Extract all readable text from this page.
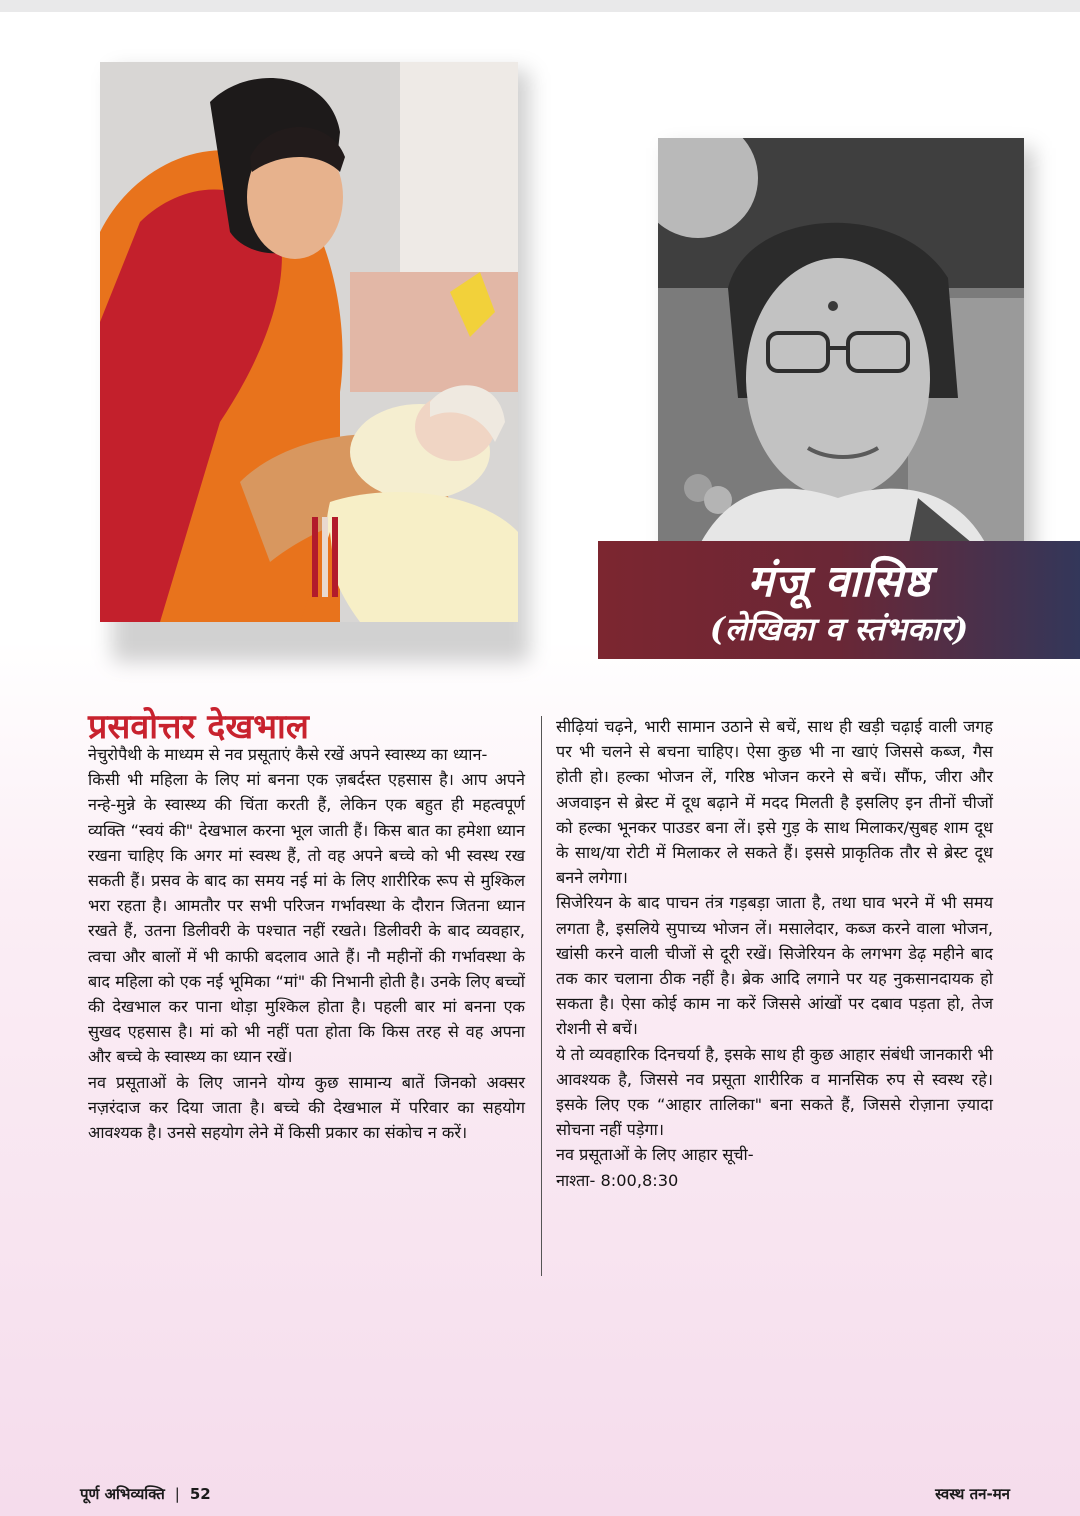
मंजू वासिष्ठ
(लेखिका व स्तंभकार)
प्रसवोत्तर देखभाल

नेचुरोपैथी के माध्यम से नव प्रसूताएं कैसे रखें अपने स्वास्थ्य का ध्यान-

किसी भी महिला के लिए मां बनना एक ज़बर्दस्त एहसास है। आप अपने नन्हे-मुन्ने के स्वास्थ्य की चिंता करती हैं, लेकिन एक बहुत ही महत्वपूर्ण व्यक्ति “स्वयं की" देखभाल करना भूल जाती हैं। किस बात का हमेशा ध्यान रखना चाहिए कि अगर मां स्वस्थ हैं, तो वह अपने बच्चे को भी स्वस्थ रख सकती हैं। प्रसव के बाद का समय नई मां के लिए शारीरिक रूप से मुश्किल भरा रहता है। आमतौर पर सभी परिजन गर्भावस्था के दौरान जितना ध्यान रखते हैं, उतना डिलीवरी के पश्चात नहीं रखते। डिलीवरी के बाद व्यवहार, त्वचा और बालों में भी काफी बदलाव आते हैं। नौ महीनों की गर्भावस्था के बाद महिला को एक नई भूमिका “मां" की निभानी होती है। उनके लिए बच्चों की देखभाल कर पाना थोड़ा मुश्किल होता है। पहली बार मां बनना एक सुखद एहसास है। मां को भी नहीं पता होता कि किस तरह से वह अपना और बच्चे के स्वास्थ्य का ध्यान रखें।

नव प्रसूताओं के लिए जानने योग्य कुछ सामान्य बातें जिनको अक्सर नज़रंदाज कर दिया जाता है। बच्चे की देखभाल में परिवार का सहयोग आवश्यक है। उनसे सहयोग लेने में किसी प्रकार का संकोच न करें।

सीढ़ियां चढ़ने, भारी सामान उठाने से बचें, साथ ही खड़ी चढ़ाई वाली जगह पर भी चलने से बचना चाहिए। ऐसा कुछ भी ना खाएं जिससे कब्ज, गैस होती हो। हल्का भोजन लें, गरिष्ठ भोजन करने से बचें। सौंफ, जीरा और अजवाइन से ब्रेस्ट में दूध बढ़ाने में मदद मिलती है इसलिए इन तीनों चीजों को हल्का भूनकर पाउडर बना लें। इसे गुड़ के साथ मिलाकर/सुबह शाम दूध के साथ/या रोटी में मिलाकर ले सकते हैं। इससे प्राकृतिक तौर से ब्रेस्ट दूध बनने लगेगा।

सिजेरियन के बाद पाचन तंत्र गड़बड़ा जाता है, तथा घाव भरने में भी समय लगता है, इसलिये सुपाच्य भोजन लें। मसालेदार, कब्ज करने वाला भोजन, खांसी करने वाली चीजों से दूरी रखें। सिजेरियन के लगभग डेढ़ महीने बाद तक कार चलाना ठीक नहीं है। ब्रेक आदि लगाने पर यह नुकसानदायक हो सकता है। ऐसा कोई काम ना करें जिससे आंखों पर दबाव पड़ता हो, तेज रोशनी से बचें।

ये तो व्यवहारिक दिनचर्या है, इसके साथ ही कुछ आहार संबंधी जानकारी भी आवश्यक है, जिससे नव प्रसूता शारीरिक व मानसिक रुप से स्वस्थ रहे। इसके लिए एक “आहार तालिका" बना सकते हैं, जिससे रोज़ाना ज़्यादा सोचना नहीं पड़ेगा।

नव प्रसूताओं के लिए आहार सूची-

नाश्ता- 8:00,8:30

पूर्ण अभिव्यक्ति | 52	स्वस्थ तन-मन
